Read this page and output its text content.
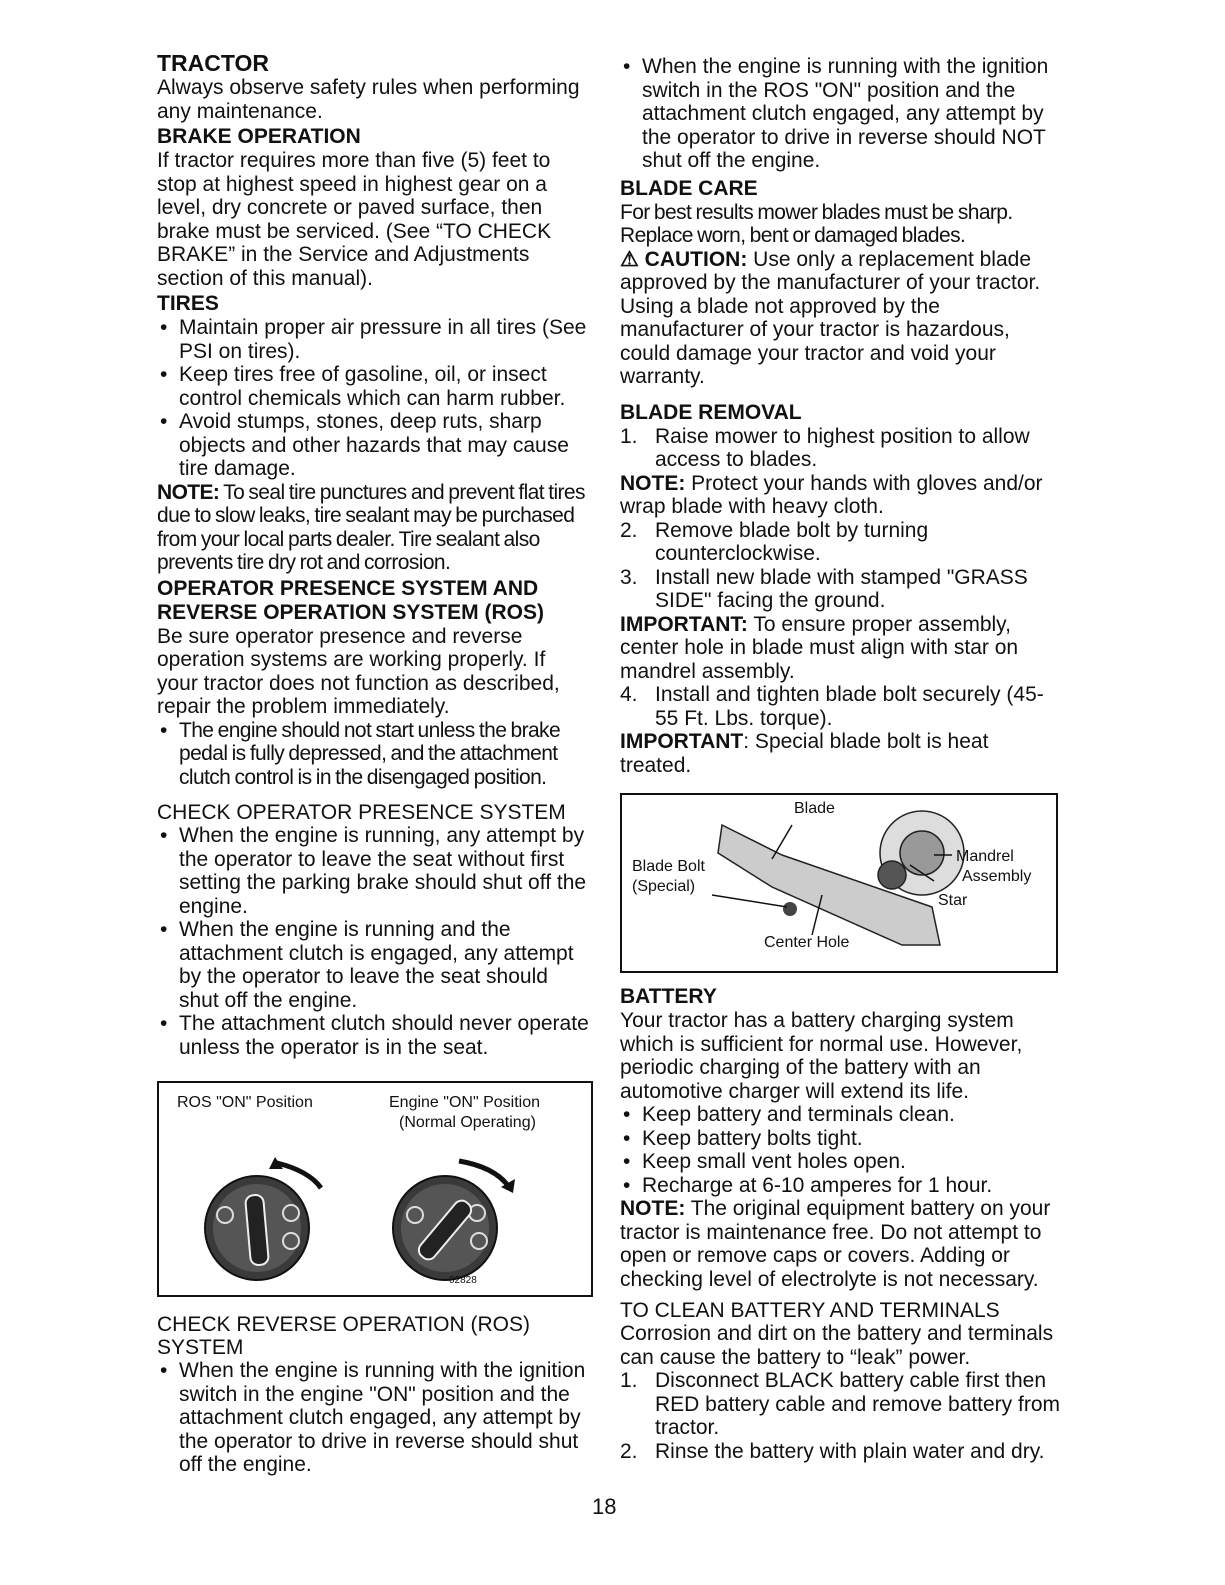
TRACTOR

Always observe safety rules when performing any maintenance.

BRAKE OPERATION

If tractor requires more than five (5) feet to stop at highest speed in highest gear on a level, dry concrete or paved surface, then brake must be serviced. (See “TO CHECK BRAKE” in the Service and Adjustments section of this manual).

TIRES
• Maintain proper air pressure in all tires (See PSI on tires).
• Keep tires free of gasoline, oil, or insect control chemicals which can harm rubber.
• Avoid stumps, stones, deep ruts, sharp objects and other hazards that may cause tire damage.

NOTE: To seal tire punctures and prevent flat tires due to slow leaks, tire sealant may be purchased from your local parts dealer. Tire sealant also prevents tire dry rot and corrosion.

OPERATOR PRESENCE SYSTEM AND REVERSE OPERATION SYSTEM (ROS)

Be sure operator presence and reverse operation systems are working properly. If your tractor does not function as described, repair the problem immediately.

• The engine should not start unless the brake pedal is fully depressed, and the attachment clutch control is in the disengaged position.

CHECK OPERATOR PRESENCE SYSTEM

• When the engine is running, any attempt by the operator to leave the seat without first setting the parking brake should shut off the engine.
• When the engine is running and the attachment clutch is engaged, any attempt by the operator to leave the seat should shut off the engine.
• The attachment clutch should never operate unless the operator is in the seat.
ROS "ON" Position	Engine "ON" Position
(Normal Operating)
02828

CHECK REVERSE OPERATION (ROS) SYSTEM

• When the engine is running with the ignition switch in the engine "ON" position and the attachment clutch engaged, any attempt by the operator to drive in reverse should shut off the engine.
• When the engine is running with the ignition switch in the ROS "ON" position and the attachment clutch engaged, any attempt by the operator to drive in reverse should NOT shut off the engine.
BLADE CARE

For best results mower blades must be sharp. Replace worn, bent or damaged blades.

⚠ CAUTION: Use only a replacement blade approved by the manufacturer of your tractor. Using a blade not approved by the manufacturer of your tractor is hazardous, could damage your tractor and void your warranty.

BLADE REMOVAL
1. Raise mower to highest position to allow access to blades.

NOTE: Protect your hands with gloves and/or wrap blade with heavy cloth.

2. Remove blade bolt by turning counterclockwise.
3. Install new blade with stamped "GRASS SIDE" facing the ground.

IMPORTANT: To ensure proper assembly, center hole in blade must align with star on mandrel assembly.

4. Install and tighten blade bolt securely (45-55 Ft. Lbs. torque).

IMPORTANT: Special blade bolt is heat treated.

Blade
Mandrel
Assembly
Blade Bolt
(Special)
Star
Center Hole
BATTERY

Your tractor has a battery charging system which is sufficient for normal use. However, periodic charging of the battery with an automotive charger will extend its life.

• Keep battery and terminals clean.
• Keep battery bolts tight.
• Keep small vent holes open.
• Recharge at 6-10 amperes for 1 hour.

NOTE: The original equipment battery on your tractor is maintenance free. Do not attempt to open or remove caps or covers. Adding or checking level of electrolyte is not necessary.

TO CLEAN BATTERY AND TERMINALS

Corrosion and dirt on the battery and terminals can cause the battery to “leak” power.

1. Disconnect BLACK battery cable first then RED battery cable and remove battery from tractor.
2. Rinse the battery with plain water and dry.
18
